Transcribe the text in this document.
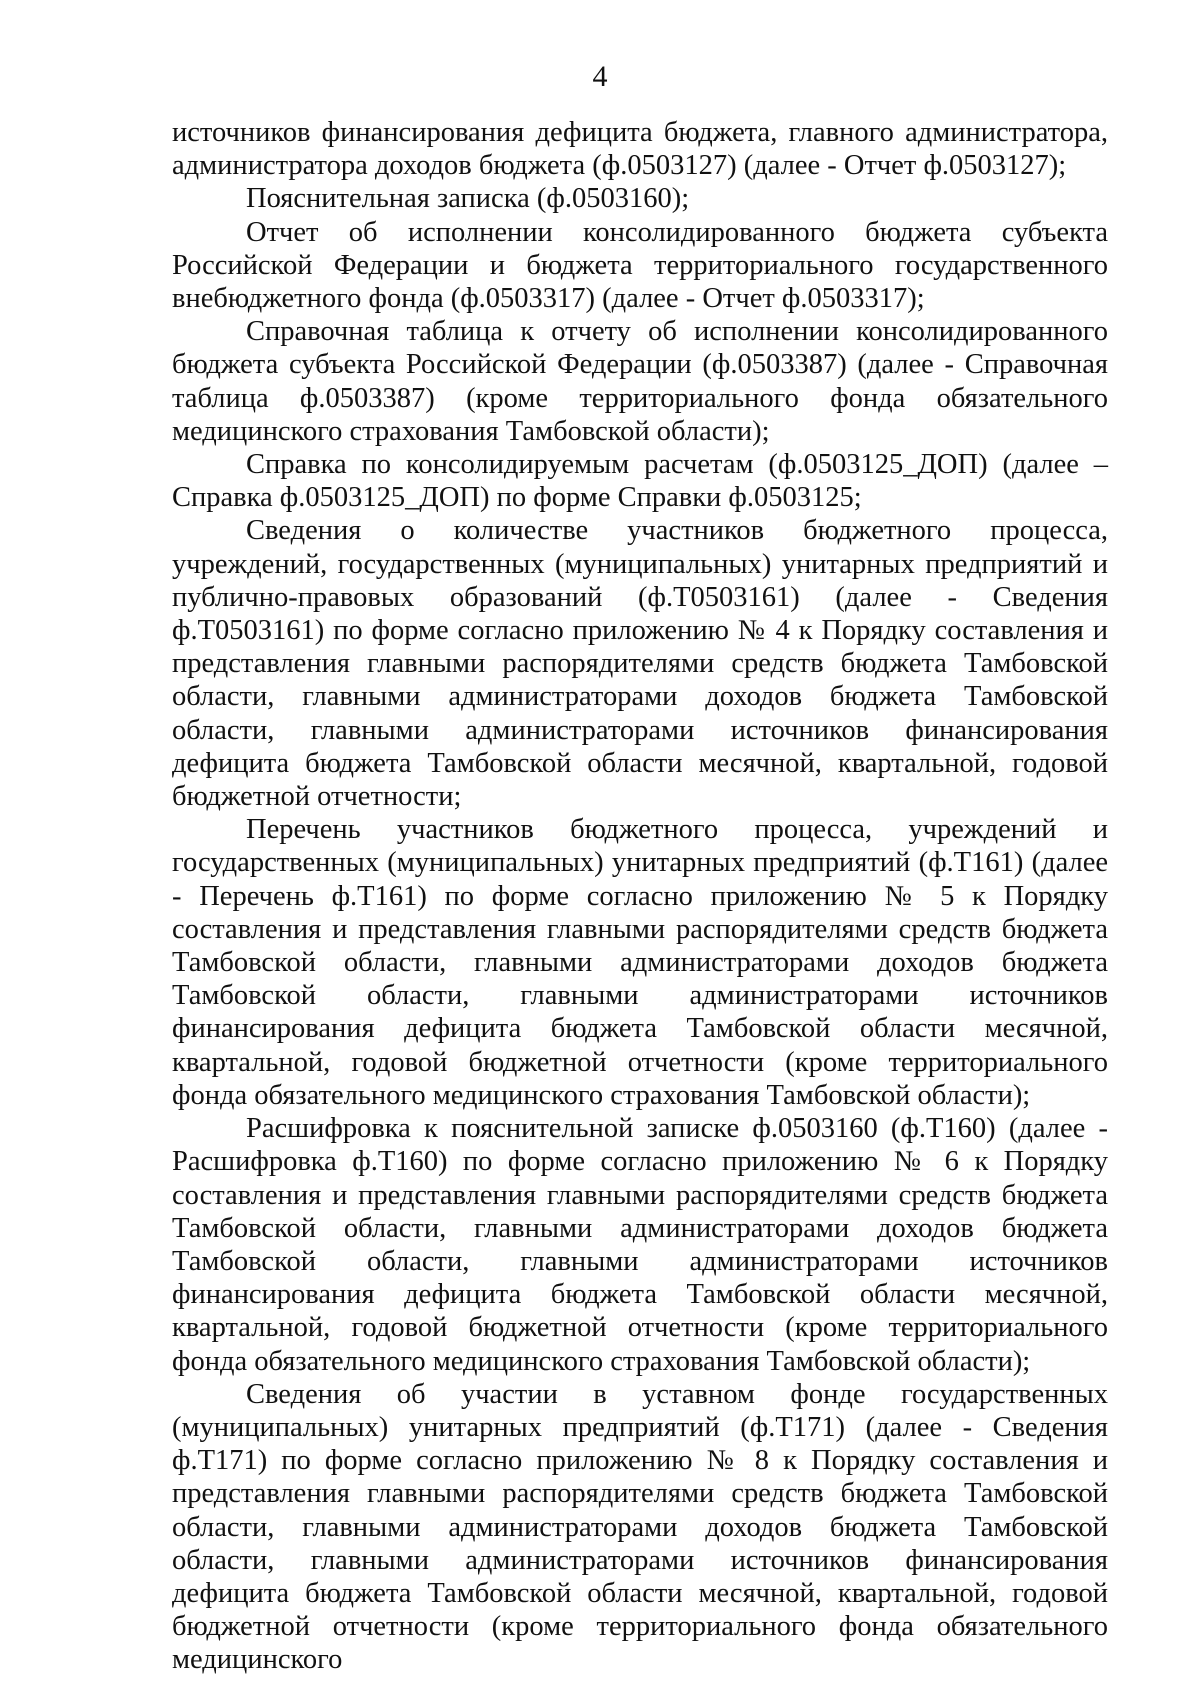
4

источников финансирования дефицита бюджета, главного администратора, администратора доходов бюджета (ф.0503127) (далее - Отчет ф.0503127);

Пояснительная записка (ф.0503160);

Отчет об исполнении консолидированного бюджета субъекта Российской Федерации и бюджета территориального государственного внебюджетного фонда (ф.0503317) (далее - Отчет ф.0503317);

Справочная таблица к отчету об исполнении консолидированного бюджета субъекта Российской Федерации (ф.0503387) (далее - Справочная таблица ф.0503387) (кроме территориального фонда обязательного медицинского страхования Тамбовской области);

Справка по консолидируемым расчетам (ф.0503125_ДОП) (далее – Справка ф.0503125_ДОП) по форме Справки ф.0503125;

Сведения о количестве участников бюджетного процесса, учреждений, государственных (муниципальных) унитарных предприятий и публично-правовых образований (ф.Т0503161) (далее - Сведения ф.Т0503161) по форме согласно приложению № 4 к Порядку составления и представления главными распорядителями средств бюджета Тамбовской области, главными администраторами доходов бюджета Тамбовской области, главными администраторами источников финансирования дефицита бюджета Тамбовской области месячной, квартальной, годовой бюджетной отчетности;

Перечень участников бюджетного процесса, учреждений и государственных (муниципальных) унитарных предприятий (ф.Т161) (далее - Перечень ф.Т161) по форме согласно приложению № 5 к Порядку составления и представления главными распорядителями средств бюджета Тамбовской области, главными администраторами доходов бюджета Тамбовской области, главными администраторами источников финансирования дефицита бюджета Тамбовской области месячной, квартальной, годовой бюджетной отчетности (кроме территориального фонда обязательного медицинского страхования Тамбовской области);

Расшифровка к пояснительной записке ф.0503160 (ф.Т160) (далее - Расшифровка ф.Т160) по форме согласно приложению № 6 к Порядку составления и представления главными распорядителями средств бюджета Тамбовской области, главными администраторами доходов бюджета Тамбовской области, главными администраторами источников финансирования дефицита бюджета Тамбовской области месячной, квартальной, годовой бюджетной отчетности (кроме территориального фонда обязательного медицинского страхования Тамбовской области);

Сведения об участии в уставном фонде государственных (муниципальных) унитарных предприятий (ф.Т171) (далее - Сведения ф.Т171) по форме согласно приложению № 8 к Порядку составления и представления главными распорядителями средств бюджета Тамбовской области, главными администраторами доходов бюджета Тамбовской области, главными администраторами источников финансирования дефицита бюджета Тамбовской области месячной, квартальной, годовой бюджетной отчетности (кроме территориального фонда обязательного медицинского
